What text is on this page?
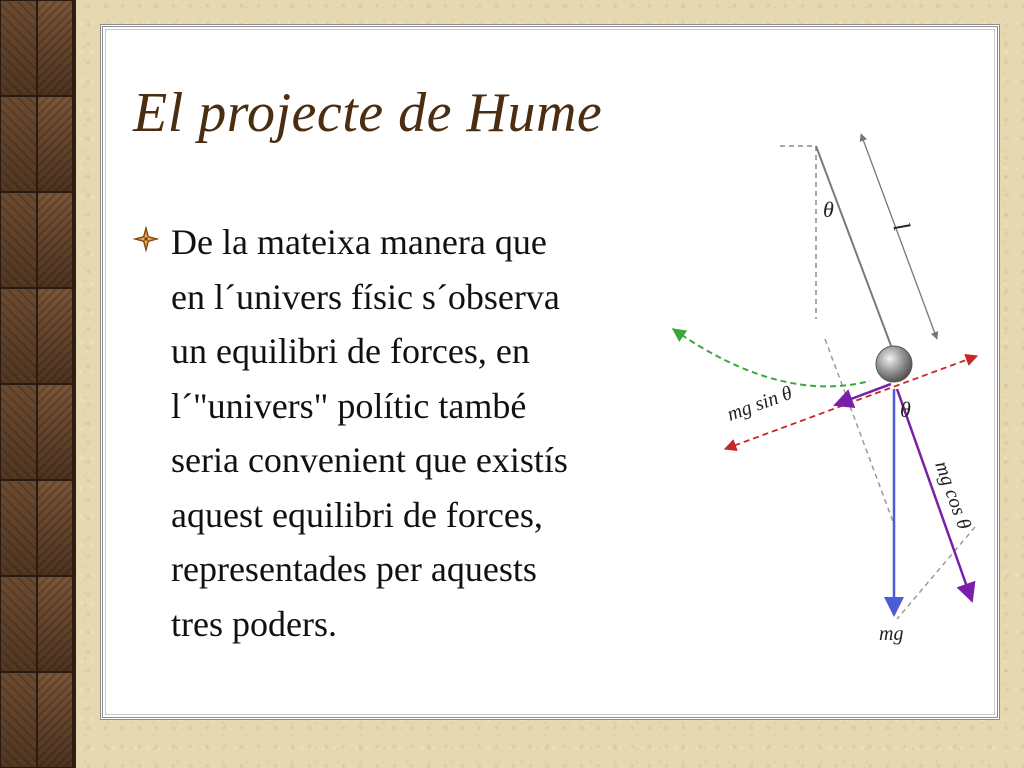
El projecte de Hume

De la mateixa manera que
en l´univers físic s´observa
un equilibri de forces, en
l´"univers" polític també
seria convenient que existís
aquest equilibri de forces,
representades per aquests
tres poders.

θ
l
θ
mg sin θ
mg cos θ
mg
